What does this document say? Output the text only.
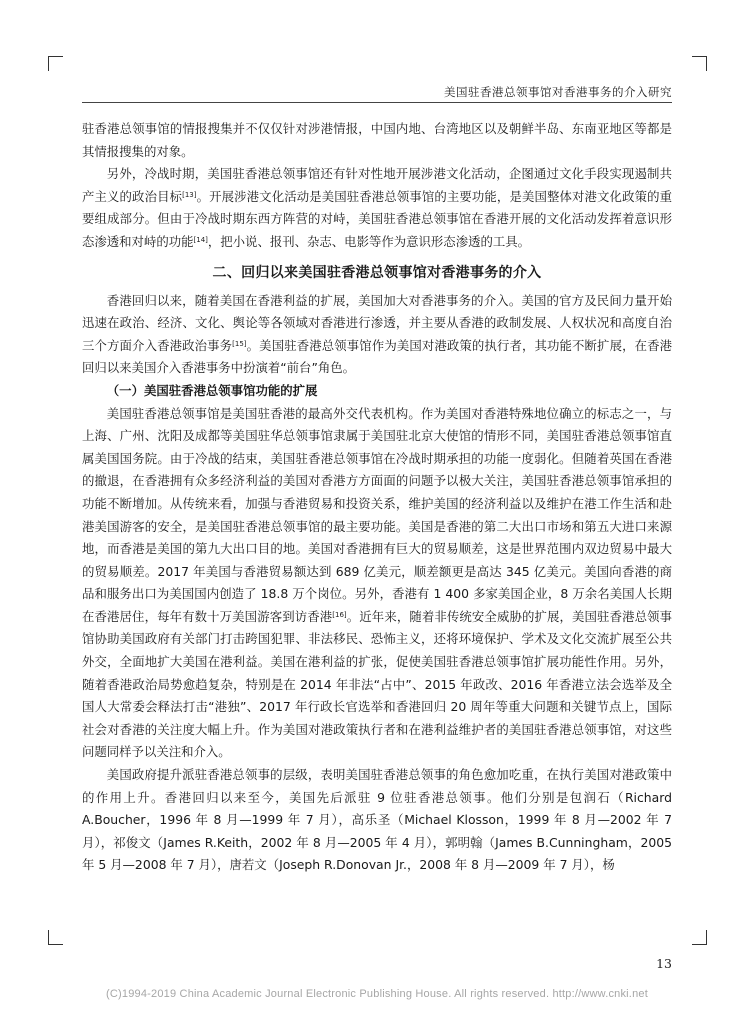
美国驻香港总领事馆对香港事务的介入研究

驻香港总领事馆的情报搜集并不仅仅针对涉港情报，中国内地、台湾地区以及朝鲜半岛、东南亚地区等都是其情报搜集的对象。

另外，冷战时期，美国驻香港总领事馆还有针对性地开展涉港文化活动，企图通过文化手段实现遏制共产主义的政治目标[13]。开展涉港文化活动是美国驻香港总领事馆的主要功能，是美国整体对港文化政策的重要组成部分。但由于冷战时期东西方阵营的对峙，美国驻香港总领事馆在香港开展的文化活动发挥着意识形态渗透和对峙的功能[14]，把小说、报刊、杂志、电影等作为意识形态渗透的工具。

二、回归以来美国驻香港总领事馆对香港事务的介入

香港回归以来，随着美国在香港利益的扩展，美国加大对香港事务的介入。美国的官方及民间力量开始迅速在政治、经济、文化、舆论等各领域对香港进行渗透，并主要从香港的政制发展、人权状况和高度自治三个方面介入香港政治事务[15]。美国驻香港总领事馆作为美国对港政策的执行者，其功能不断扩展，在香港回归以来美国介入香港事务中扮演着“前台”角色。

（一）美国驻香港总领事馆功能的扩展

美国驻香港总领事馆是美国驻香港的最高外交代表机构。作为美国对香港特殊地位确立的标志之一，与上海、广州、沈阳及成都等美国驻华总领事馆隶属于美国驻北京大使馆的情形不同，美国驻香港总领事馆直属美国国务院。由于冷战的结束，美国驻香港总领事馆在冷战时期承担的功能一度弱化。但随着英国在香港的撤退，在香港拥有众多经济利益的美国对香港方方面面的问题予以极大关注，美国驻香港总领事馆承担的功能不断增加。从传统来看，加强与香港贸易和投资关系，维护美国的经济利益以及维护在港工作生活和赴港美国游客的安全，是美国驻香港总领事馆的最主要功能。美国是香港的第二大出口市场和第五大进口来源地，而香港是美国的第九大出口目的地。美国对香港拥有巨大的贸易顺差，这是世界范围内双边贸易中最大的贸易顺差。2017 年美国与香港贸易额达到 689 亿美元，顺差额更是高达 345 亿美元。美国向香港的商品和服务出口为美国国内创造了 18.8 万个岗位。另外，香港有 1 400 多家美国企业，8 万余名美国人长期在香港居住，每年有数十万美国游客到访香港[16]。近年来，随着非传统安全威胁的扩展，美国驻香港总领事馆协助美国政府有关部门打击跨国犯罪、非法移民、恐怖主义，还将环境保护、学术及文化交流扩展至公共外交，全面地扩大美国在港利益。美国在港利益的扩张，促使美国驻香港总领事馆扩展功能性作用。另外，随着香港政治局势愈趋复杂，特别是在 2014 年非法“占中”、2015 年政改、2016 年香港立法会选举及全国人大常委会释法打击“港独”、2017 年行政长官选举和香港回归 20 周年等重大问题和关键节点上，国际社会对香港的关注度大幅上升。作为美国对港政策执行者和在港利益维护者的美国驻香港总领事馆，对这些问题同样予以关注和介入。

美国政府提升派驻香港总领事的层级，表明美国驻香港总领事的角色愈加吃重，在执行美国对港政策中的作用上升。香港回归以来至今，美国先后派驻 9 位驻香港总领事。他们分别是包润石（Richard A.Boucher，1996 年 8 月—1999 年 7 月），高乐圣（Michael Klosson，1999 年 8 月—2002 年 7 月），祁俊文（James R.Keith，2002 年 8 月—2005 年 4 月），郭明翰（James B.Cunningham，2005 年 5 月—2008 年 7 月），唐若文（Joseph R.Donovan Jr.，2008 年 8 月—2009 年 7 月），杨

13
(C)1994-2019 China Academic Journal Electronic Publishing House. All rights reserved. http://www.cnki.net
